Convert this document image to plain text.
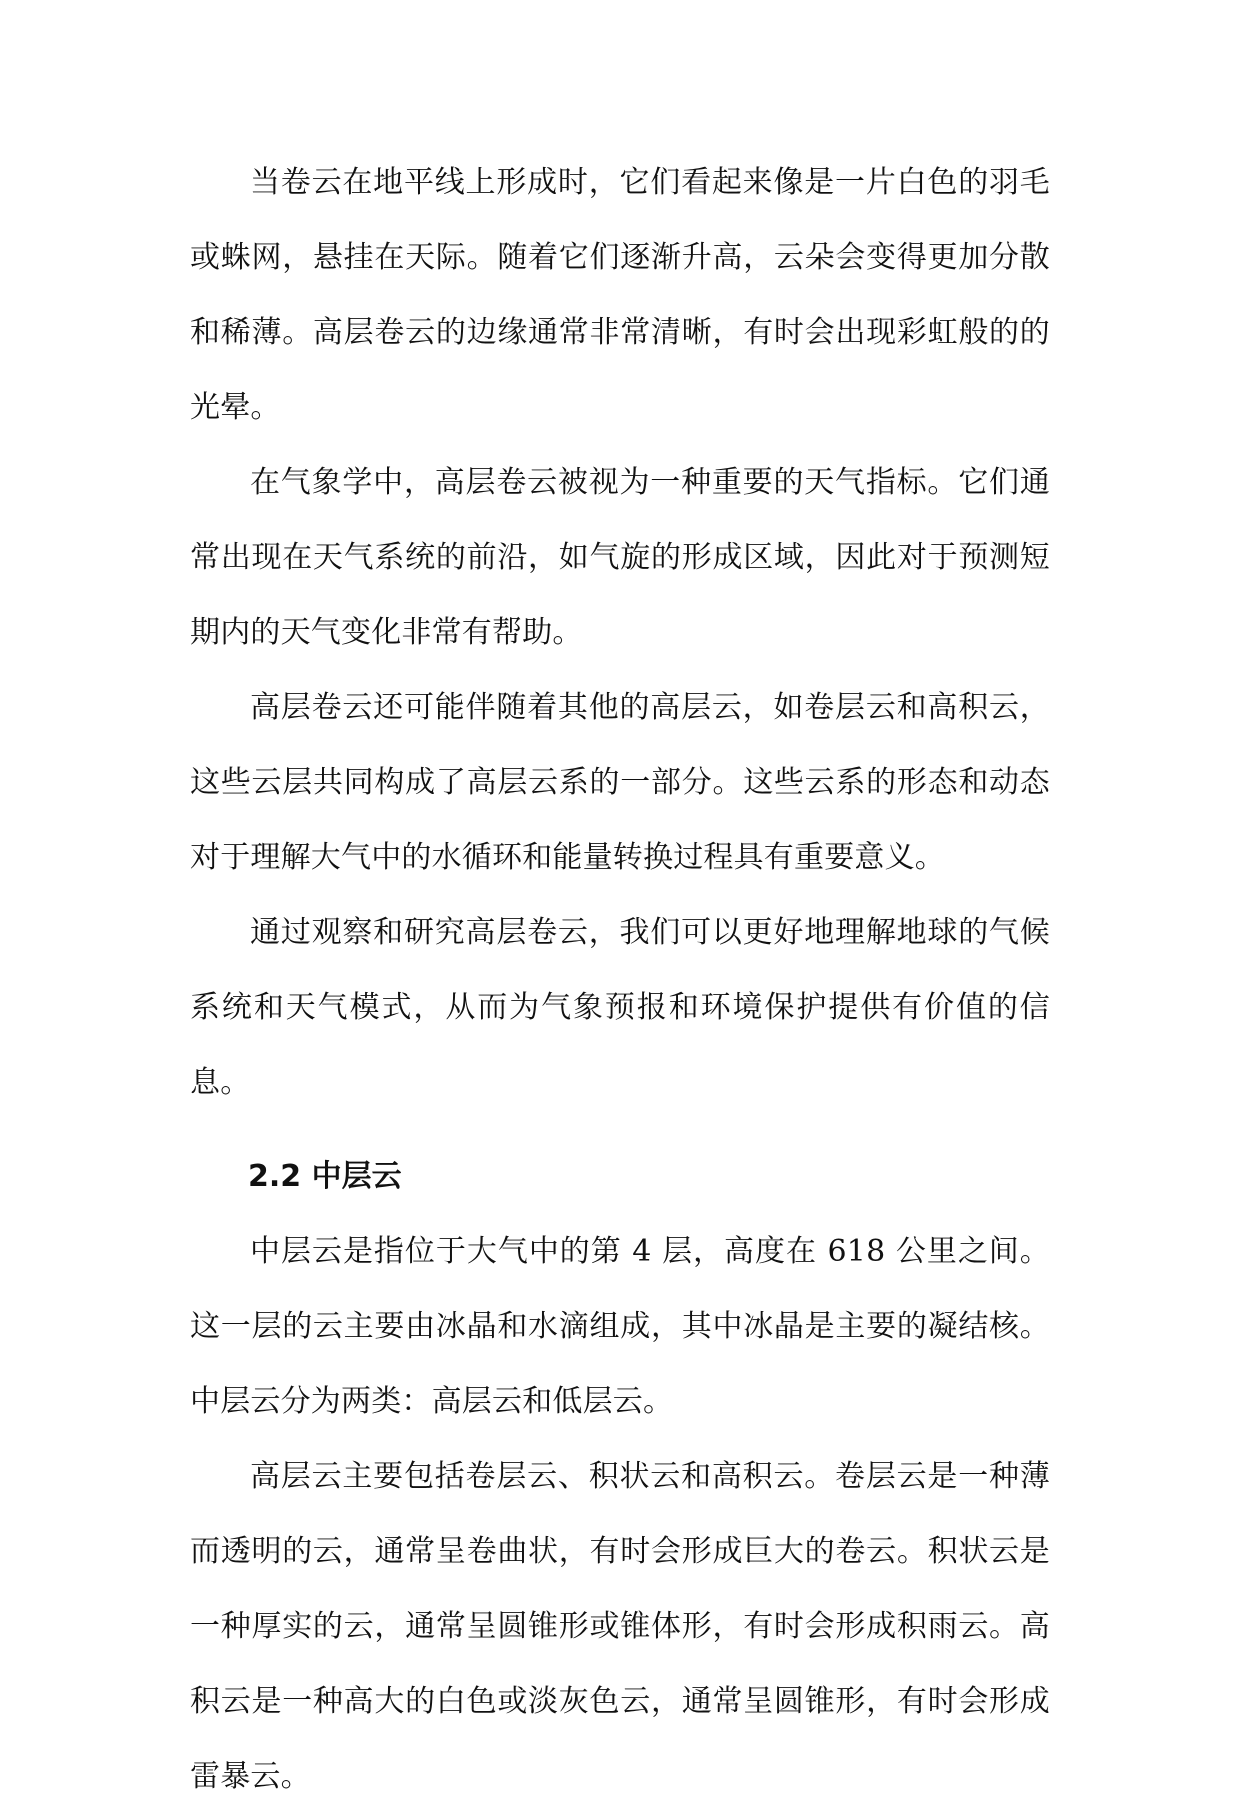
当卷云在地平线上形成时，它们看起来像是一片白色的羽毛或蛛网，悬挂在天际。随着它们逐渐升高，云朵会变得更加分散和稀薄。高层卷云的边缘通常非常清晰，有时会出现彩虹般的的光晕。

在气象学中，高层卷云被视为一种重要的天气指标。它们通常出现在天气系统的前沿，如气旋的形成区域，因此对于预测短期内的天气变化非常有帮助。

高层卷云还可能伴随着其他的高层云，如卷层云和高积云，这些云层共同构成了高层云系的一部分。这些云系的形态和动态对于理解大气中的水循环和能量转换过程具有重要意义。

通过观察和研究高层卷云，我们可以更好地理解地球的气候系统和天气模式，从而为气象预报和环境保护提供有价值的信息。

2.2 中层云

中层云是指位于大气中的第 4 层，高度在 618 公里之间。这一层的云主要由冰晶和水滴组成，其中冰晶是主要的凝结核。中层云分为两类：高层云和低层云。

高层云主要包括卷层云、积状云和高积云。卷层云是一种薄而透明的云，通常呈卷曲状，有时会形成巨大的卷云。积状云是一种厚实的云，通常呈圆锥形或锥体形，有时会形成积雨云。高积云是一种高大的白色或淡灰色云，通常呈圆锥形，有时会形成雷暴云。
